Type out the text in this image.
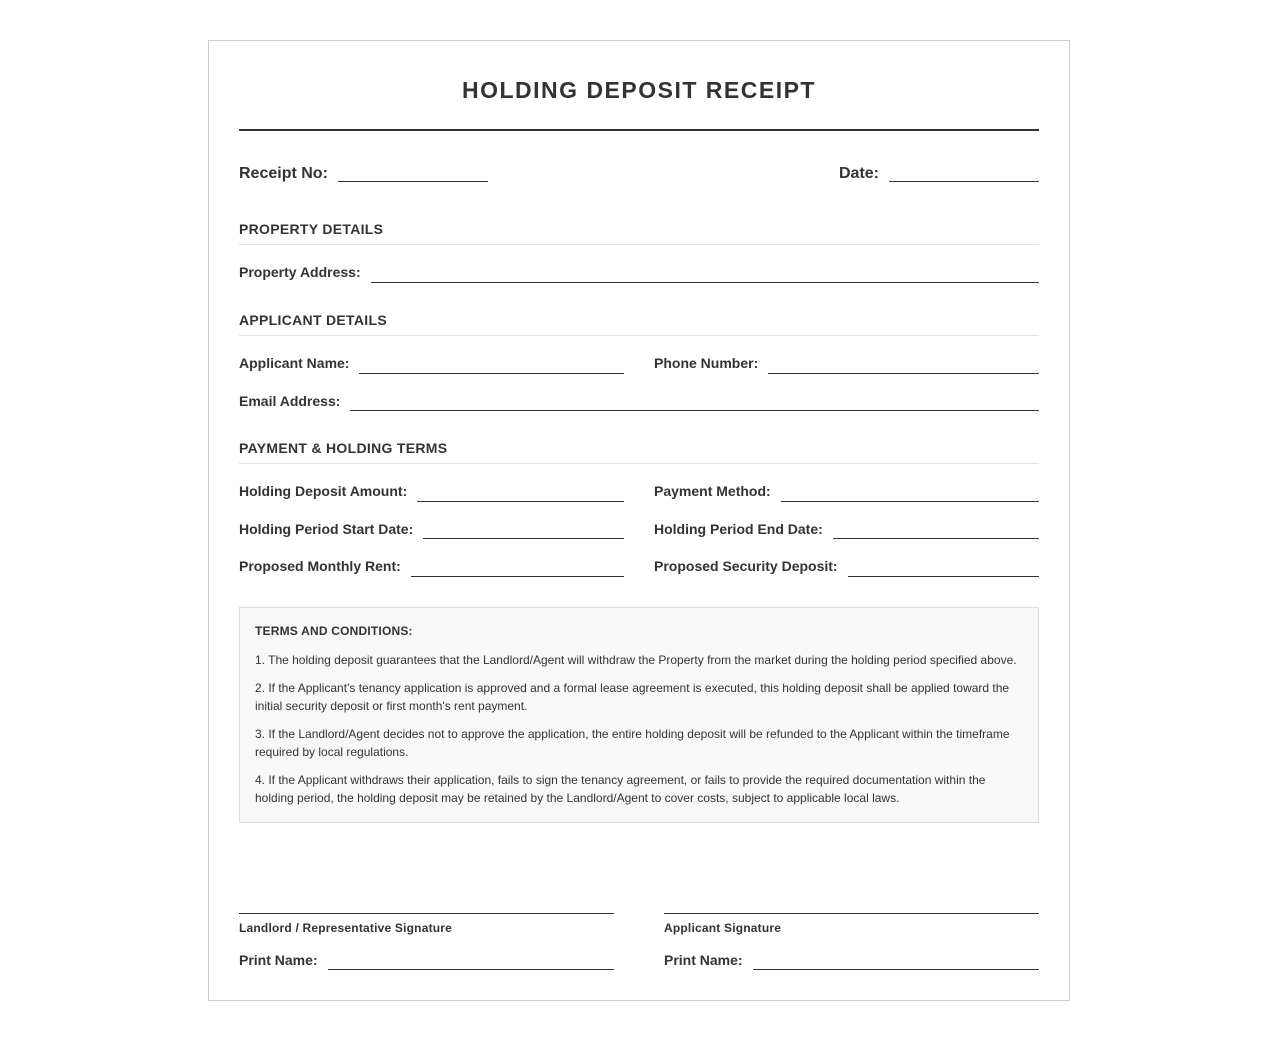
HOLDING DEPOSIT RECEIPT
Receipt No:	Date:
PROPERTY DETAILS
Property Address:
APPLICANT DETAILS
Applicant Name:	Phone Number:
Email Address:
PAYMENT & HOLDING TERMS
Holding Deposit Amount:	Payment Method:
Holding Period Start Date:	Holding Period End Date:
Proposed Monthly Rent:	Proposed Security Deposit:
TERMS AND CONDITIONS:
1. The holding deposit guarantees that the Landlord/Agent will withdraw the Property from the market during the holding period specified above.
2. If the Applicant's tenancy application is approved and a formal lease agreement is executed, this holding deposit shall be applied toward the initial security deposit or first month's rent payment.
3. If the Landlord/Agent decides not to approve the application, the entire holding deposit will be refunded to the Applicant within the timeframe required by local regulations.
4. If the Applicant withdraws their application, fails to sign the tenancy agreement, or fails to provide the required documentation within the holding period, the holding deposit may be retained by the Landlord/Agent to cover costs, subject to applicable local laws.
Landlord / Representative Signature	Applicant Signature
Print Name:	Print Name:
